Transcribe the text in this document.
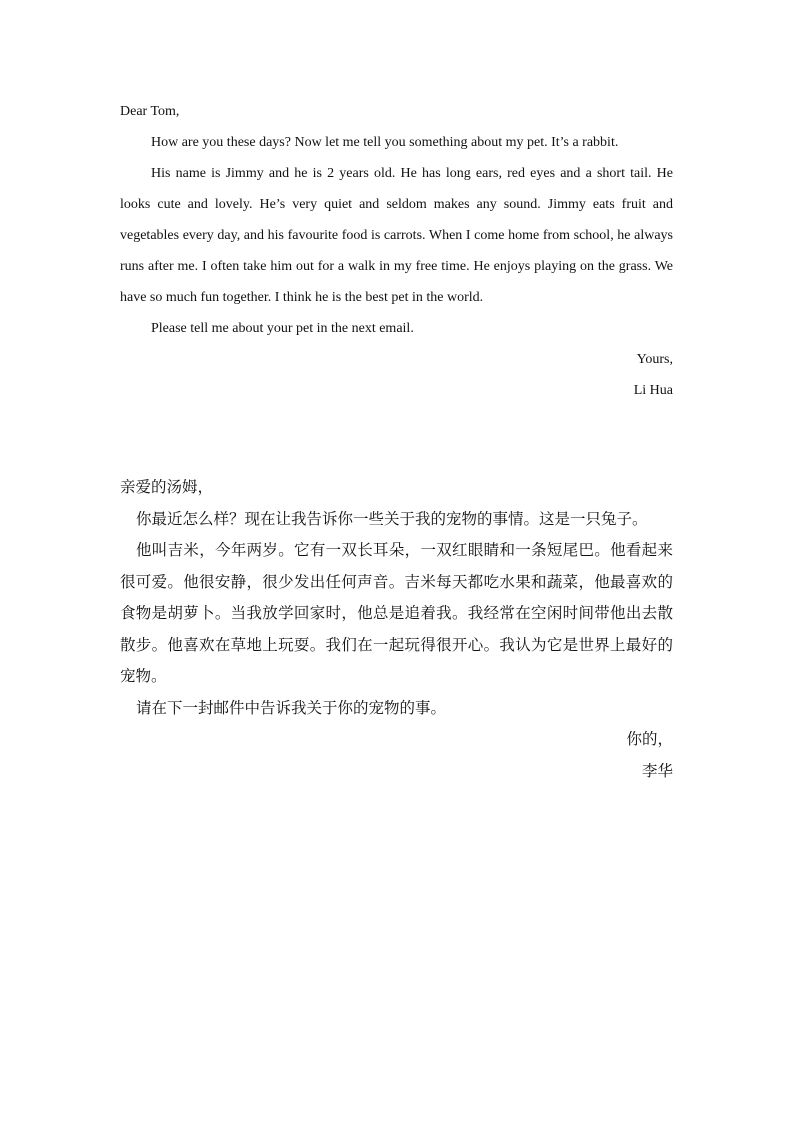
Dear Tom,

How are you these days? Now let me tell you something about my pet. It’s a rabbit.

His name is Jimmy and he is 2 years old. He has long ears, red eyes and a short tail. He looks cute and lovely. He’s very quiet and seldom makes any sound. Jimmy eats fruit and vegetables every day, and his favourite food is carrots. When I come home from school, he always runs after me. I often take him out for a walk in my free time. He enjoys playing on the grass. We have so much fun together. I think he is the best pet in the world.

Please tell me about your pet in the next email.

Yours,

Li Hua

亲爱的汤姆，

你最近怎么样？现在让我告诉你一些关于我的宠物的事情。这是一只兔子。

他叫吉米，今年两岁。它有一双长耳朵，一双红眼睛和一条短尾巴。他看起来很可爱。他很安静，很少发出任何声音。吉米每天都吃水果和蔬菜，他最喜欢的食物是胡萝卜。当我放学回家时，他总是追着我。我经常在空闲时间带他出去散散步。他喜欢在草地上玩耍。我们在一起玩得很开心。我认为它是世界上最好的宠物。

请在下一封邮件中告诉我关于你的宠物的事。

你的，

李华
